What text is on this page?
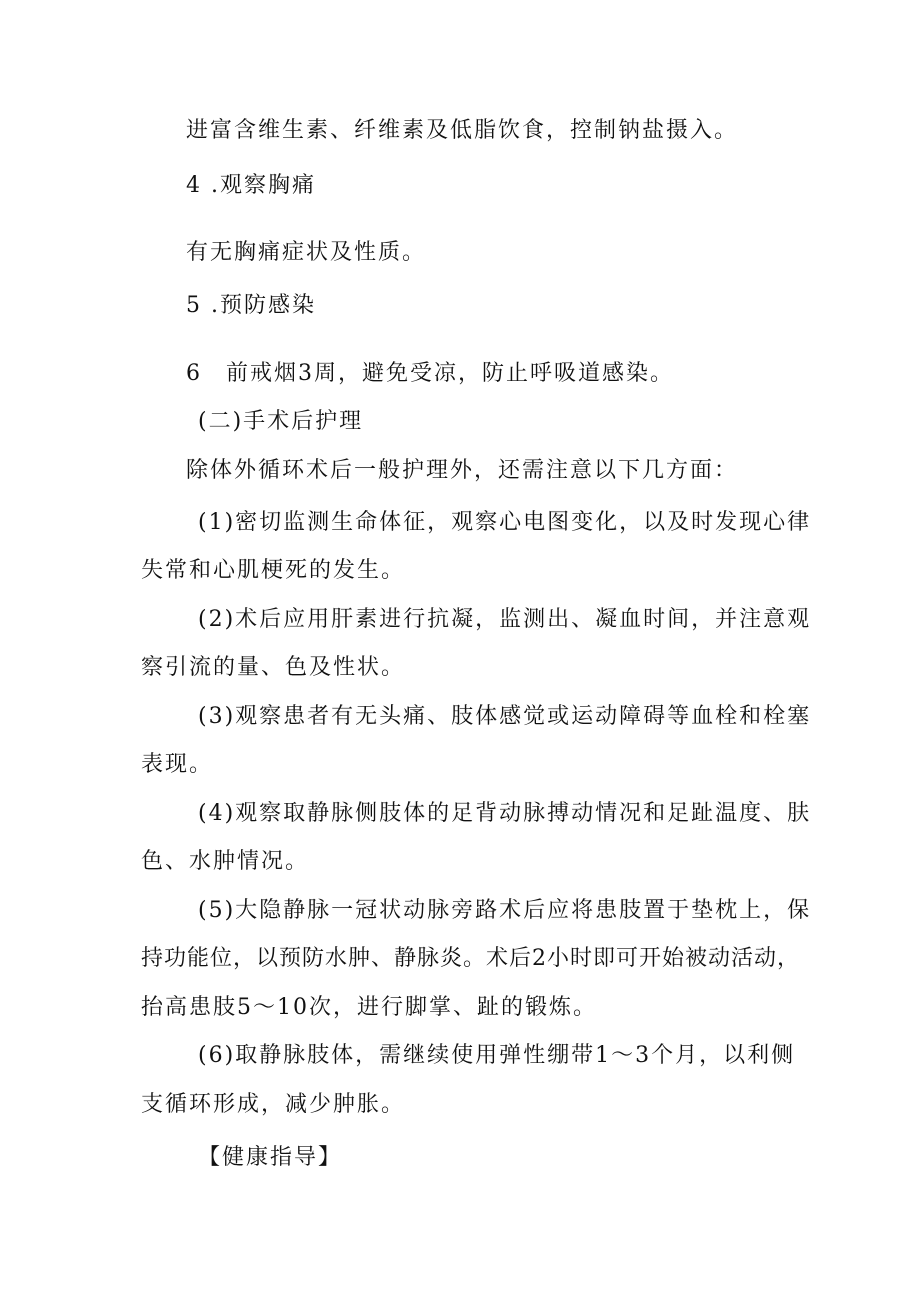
进富含维生素、纤维素及低脂饮食，控制钠盐摄入。

4 .观察胸痛

有无胸痛症状及性质。

5 .预防感染

6　前戒烟3周，避免受凉，防止呼吸道感染。

(二)手术后护理

除体外循环术后一般护理外，还需注意以下几方面：

(1)密切监测生命体征，观察心电图变化，以及时发现心律

失常和心肌梗死的发生。

(2)术后应用肝素进行抗凝，监测出、凝血时间，并注意观

察引流的量、色及性状。

(3)观察患者有无头痛、肢体感觉或运动障碍等血栓和栓塞

表现。

(4)观察取静脉侧肢体的足背动脉搏动情况和足趾温度、肤

色、水肿情况。

(5)大隐静脉一冠状动脉旁路术后应将患肢置于垫枕上，保

持功能位，以预防水肿、静脉炎。术后2小时即可开始被动活动，

抬高患肢5～10次，进行脚掌、趾的锻炼。

(6)取静脉肢体，需继续使用弹性绷带1～3个月，以利侧

支循环形成，减少肿胀。

【健康指导】
